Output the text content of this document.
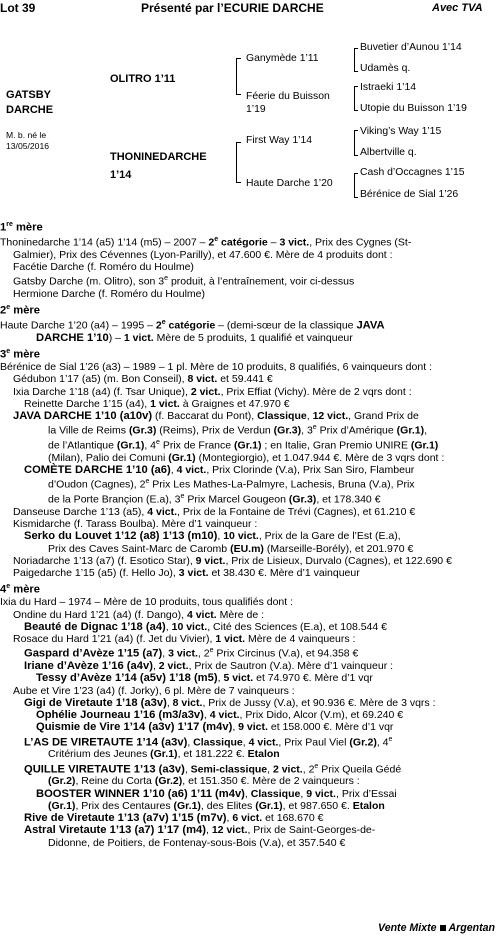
Lot 39	Présenté par l’ECURIE DARCHE	Avec TVA
GATSBY
DARCHE
M. b. né le
13/05/2016
OLITRO 1’11
THONINEDARCHE
1’14
Ganymède 1’11
Féerie du Buisson
1’19
First Way 1’14
Haute Darche 1’20
Buvetier d’Aunou 1’14
Udamès q.
Istraeki 1’14
Utopie du Buisson 1’19
Viking’s Way 1’15
Albertville q.
Cash d’Occagnes 1’15
Bérénice de Sial 1’26
1re mère
Thoninedarche 1’14 (a5) 1’14 (m5) – 2007 – 2e catégorie – 3 vict., Prix des Cygnes (St-
Galmier), Prix des Cévennes (Lyon-Parilly), et 47.600 €. Mère de 4 produits dont :
Facétie Darche (f. Roméro du Houlme)
Gatsby Darche (m. Olitro), son 3e produit, à l’entraînement, voir ci-dessus
Hermione Darche (f. Roméro du Houlme)
2e mère
Haute Darche 1’20 (a4) – 1995 – 2e catégorie – (demi-sœur de la classique JAVA
DARCHE 1’10) – 1 vict. Mère de 5 produits, 1 qualifié et vainqueur
3e mère
Bérénice de Sial 1’26 (a3) – 1989 – 1 pl. Mère de 10 produits, 8 qualifiés, 6 vainqueurs dont :
Gédubon 1’17 (a5) (m. Bon Conseil), 8 vict. et 59.441 €
Ixia Darche 1’18 (a4) (f. Tsar Unique), 2 vict., Prix Effiat (Vichy). Mère de 2 vqrs dont :
Reinette Darche 1’15 (a4), 1 vict. à Graignes et 47.970 €
JAVA DARCHE 1’10 (a10v) (f. Baccarat du Pont), Classique, 12 vict., Grand Prix de
la Ville de Reims (Gr.3) (Reims), Prix de Verdun (Gr.3), 3e Prix d’Amérique (Gr.1),
de l’Atlantique (Gr.1), 4e Prix de France (Gr.1) ; en Italie, Gran Premio UNIRE (Gr.1)
(Milan), Palio dei Comuni (Gr.1) (Montegiorgio), et 1.047.944 €. Mère de 3 vqrs dont :
COMÈTE DARCHE 1’10 (a6), 4 vict., Prix Clorinde (V.a), Prix San Siro, Flambeur
d’Oudon (Cagnes), 2e Prix Les Mathes-La-Palmyre, Lachesis, Bruna (V.a), Prix
de la Porte Brançion (E.a), 3e Prix Marcel Gougeon (Gr.3), et 178.340 €
Danseuse Darche 1’13 (a5), 4 vict., Prix de la Fontaine de Trévi (Cagnes), et 61.210 €
Kismidarche (f. Tarass Boulba). Mère d’1 vainqueur :
Serko du Louvet 1’12 (a8) 1’13 (m10), 10 vict., Prix de la Gare de l’Est (E.a),
Prix des Caves Saint-Marc de Caromb (EU.m) (Marseille-Borély), et 201.970 €
Noriadarche 1’13 (a7) (f. Esotico Star), 9 vict., Prix de Lisieux, Durvalo (Cagnes), et 122.690 €
Paigedarche 1’15 (a5) (f. Hello Jo), 3 vict. et 38.430 €. Mère d’1 vainqueur
4e mère
Ixia du Hard – 1974 – Mère de 10 produits, tous qualifiés dont :
Ondine du Hard 1’21 (a4) (f. Dango), 4 vict. Mère de :
Beauté de Dignac 1’18 (a4), 10 vict., Cité des Sciences (E.a), et 108.544 €
Rosace du Hard 1’21 (a4) (f. Jet du Vivier), 1 vict. Mère de 4 vainqueurs :
Gaspard d’Avèze 1’15 (a7), 3 vict., 2e Prix Circinus (V.a), et 94.358 €
Iriane d’Avèze 1’16 (a4v), 2 vict., Prix de Sautron (V.a). Mère d’1 vainqueur :
Tessy d’Avèze 1’14 (a5v) 1’18 (m5), 5 vict. et 74.970 €. Mère d’1 vqr
Aube et Vire 1’23 (a4) (f. Jorky), 6 pl. Mère de 7 vainqueurs :
Gigi de Viretaute 1’18 (a3v), 8 vict., Prix de Jussy (V.a), et 90.936 €. Mère de 3 vqrs :
Ophélie Journeau 1’16 (m3/a3v), 4 vict., Prix Dido, Alcor (V.m), et 69.240 €
Quismie de Vire 1’14 (a3v) 1’17 (m4v), 9 vict. et 158.000 €. Mère d’1 vqr
L’AS DE VIRETAUTE 1’14 (a3v), Classique, 4 vict., Prix Paul Viel (Gr.2), 4e
Critérium des Jeunes (Gr.1), et 181.222 €. Etalon
QUILLE VIRETAUTE 1’13 (a3v), Semi-classique, 2 vict., 2e Prix Queila Gédé
(Gr.2), Reine du Corta (Gr.2), et 151.350 €. Mère de 2 vainqueurs :
BOOSTER WINNER 1’10 (a6) 1’11 (m4v), Classique, 9 vict., Prix d’Essai
(Gr.1), Prix des Centaures (Gr.1), des Elites (Gr.1), et 987.650 €. Etalon
Rive de Viretaute 1’13 (a7v) 1’15 (m7v), 6 vict. et 168.670 €
Astral Viretaute 1’13 (a7) 1’17 (m4), 12 vict., Prix de Saint-Georges-de-
Didonne, de Poitiers, de Fontenay-sous-Bois (V.a), et 357.540 €
Vente Mixte Argentan
